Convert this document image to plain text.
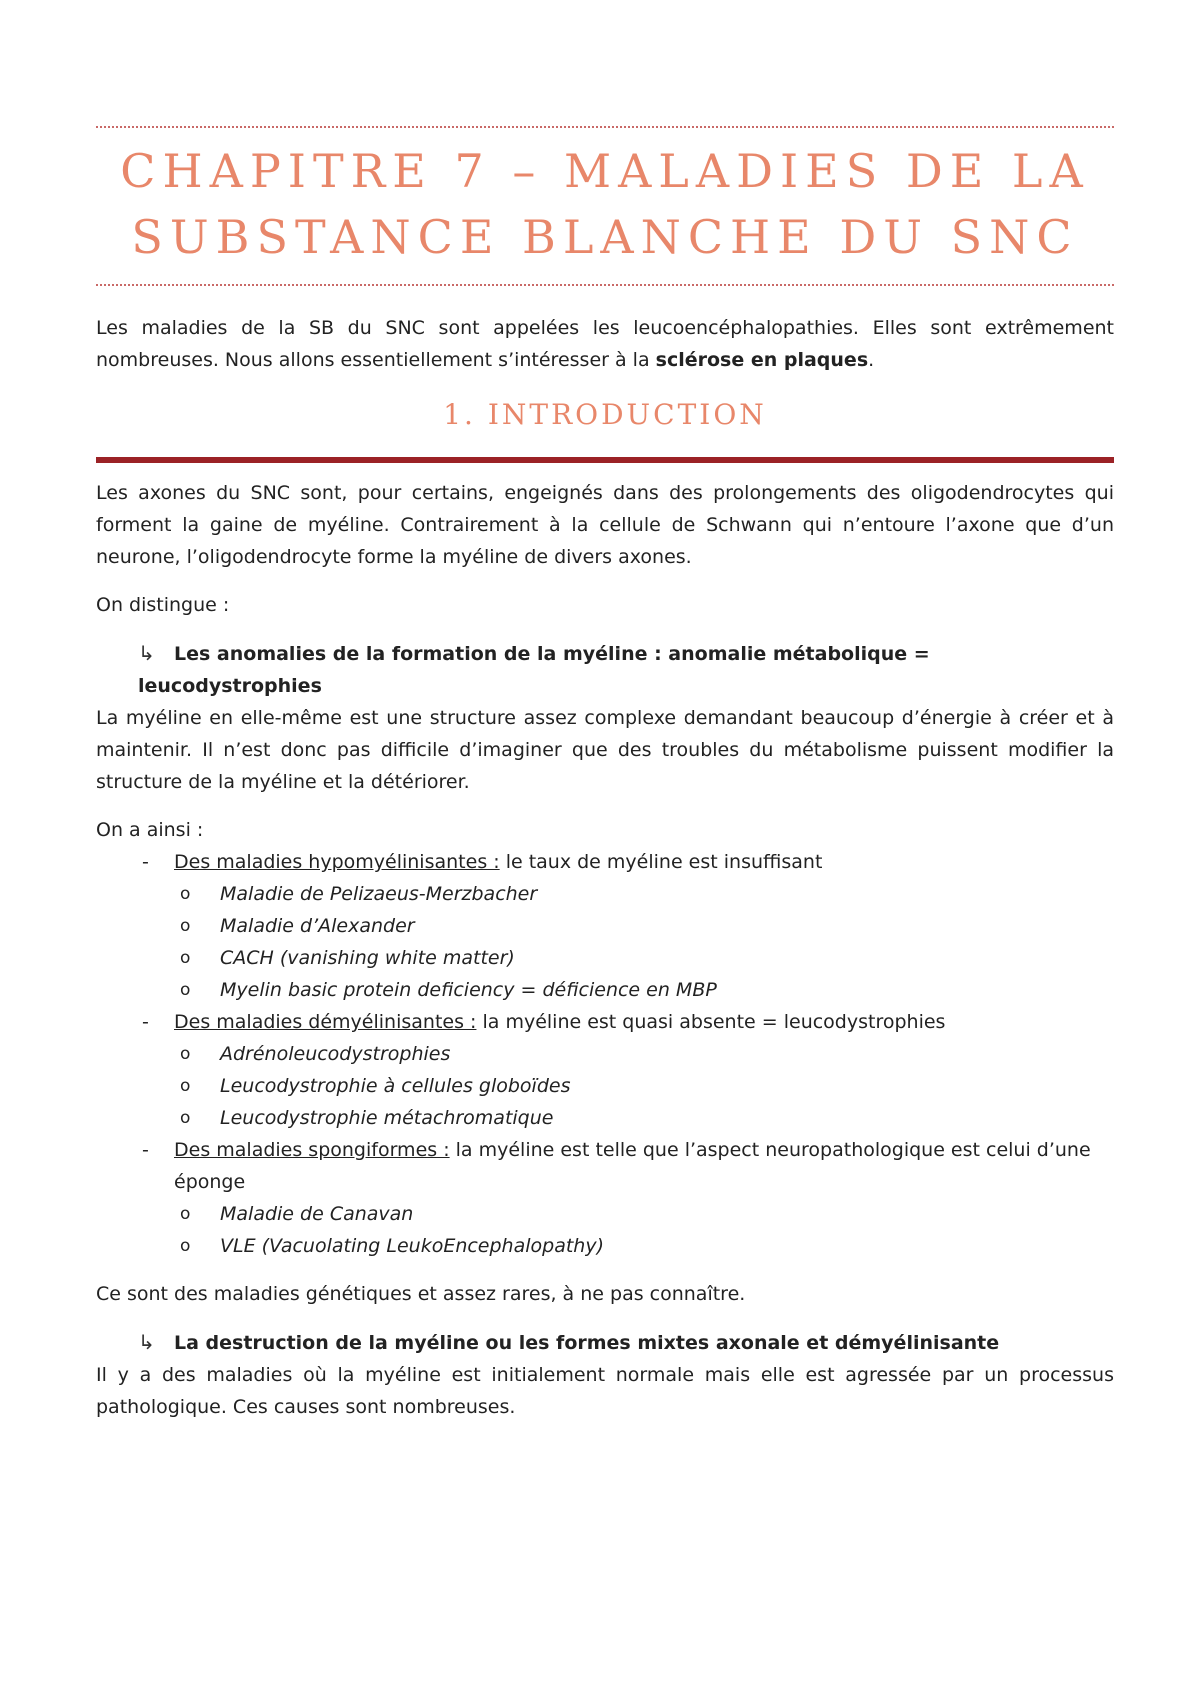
CHAPITRE 7 – MALADIES DE LA
SUBSTANCE BLANCHE DU SNC

Les maladies de la SB du SNC sont appelées les leucoencéphalopathies. Elles sont extrêmement nombreuses. Nous allons essentiellement s’intéresser à la sclérose en plaques.

1. INTRODUCTION

Les axones du SNC sont, pour certains, engeignés dans des prolongements des oligodendrocytes qui forment la gaine de myéline. Contrairement à la cellule de Schwann qui n’entoure l’axone que d’un neurone, l’oligodendrocyte forme la myéline de divers axones.

On distingue :

↳ Les anomalies de la formation de la myéline : anomalie métabolique = leucodystrophies

La myéline en elle-même est une structure assez complexe demandant beaucoup d’énergie à créer et à maintenir. Il n’est donc pas difficile d’imaginer que des troubles du métabolisme puissent modifier la structure de la myéline et la détériorer.

On a ainsi :

- Des maladies hypomyélinisantes : le taux de myéline est insuffisant
o Maladie de Pelizaeus-Merzbacher
o Maladie d’Alexander
o CACH (vanishing white matter)
o Myelin basic protein deficiency = déficience en MBP
- Des maladies démyélinisantes : la myéline est quasi absente = leucodystrophies
o Adrénoleucodystrophies
o Leucodystrophie à cellules globoïdes
o Leucodystrophie métachromatique
- Des maladies spongiformes : la myéline est telle que l’aspect neuropathologique est celui d’une éponge
o Maladie de Canavan
o VLE (Vacuolating LeukoEncephalopathy)

Ce sont des maladies génétiques et assez rares, à ne pas connaître.

↳ La destruction de la myéline ou les formes mixtes axonale et démyélinisante

Il y a des maladies où la myéline est initialement normale mais elle est agressée par un processus pathologique. Ces causes sont nombreuses.
